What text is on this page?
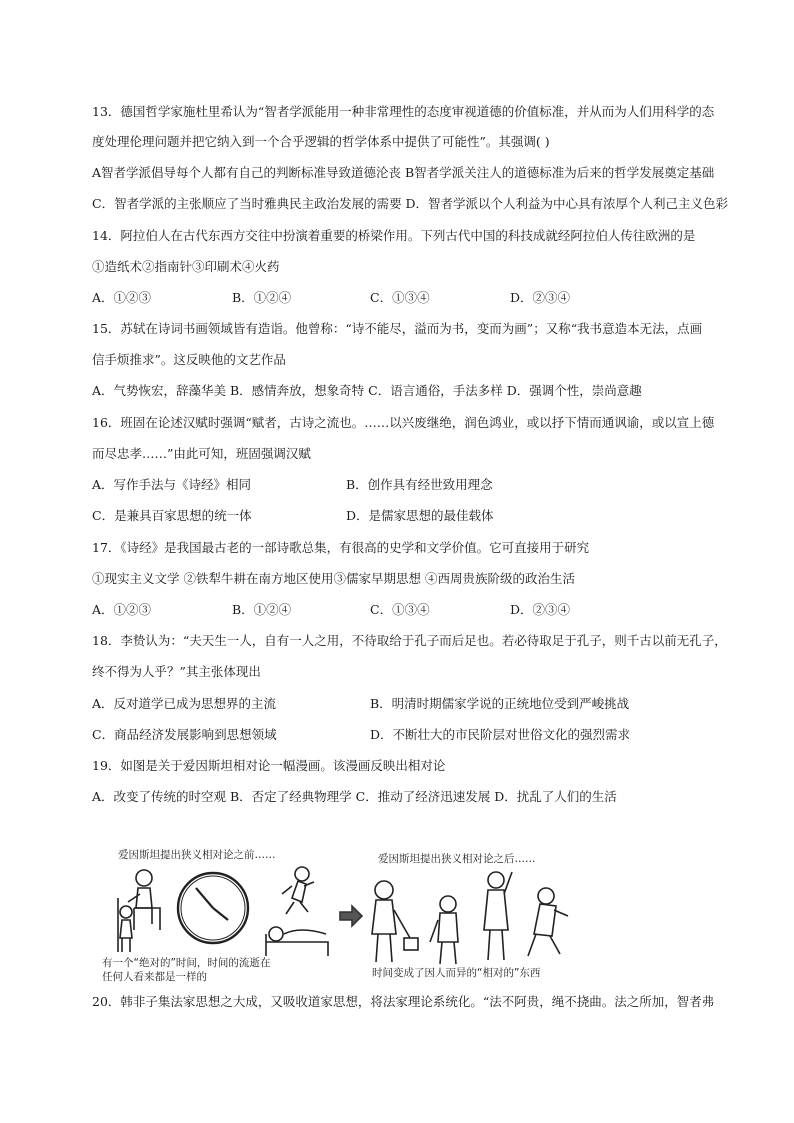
13．德国哲学家施杜里希认为“智者学派能用一种非常理性的态度审视道德的价值标准，并从而为人们用科学的态
度处理伦理问题并把它纳入到一个合乎逻辑的哲学体系中提供了可能性”。其强调( )
A智者学派倡导每个人都有自己的判断标准导致道德沦丧 B智者学派关注人的道德标准为后来的哲学发展奠定基础
C．智者学派的主张顺应了当时雅典民主政治发展的需要 D．智者学派以个人利益为中心具有浓厚个人利己主义色彩
14．阿拉伯人在古代东西方交往中扮演着重要的桥梁作用。下列古代中国的科技成就经阿拉伯人传往欧洲的是
①造纸术②指南针③印刷术④火药
A．①②③	B．①②④	C．①③④	D．②③④
15．苏轼在诗词书画领域皆有造诣。他曾称：“诗不能尽，溢而为书，变而为画”；又称“我书意造本无法，点画
信手烦推求”。这反映他的文艺作品
A．气势恢宏，辞藻华美 B．感情奔放，想象奇特 C．语言通俗，手法多样 D．强调个性，崇尚意趣
16．班固在论述汉赋时强调“赋者，古诗之流也。……以兴废继绝，润色鸿业，或以抒下情而通讽谕，或以宣上德
而尽忠孝……”由此可知，班固强调汉赋
A．写作手法与《诗经》相同	B．创作具有经世致用理念
C．是兼具百家思想的统一体	D．是儒家思想的最佳载体
17．《诗经》是我国最古老的一部诗歌总集，有很高的史学和文学价值。它可直接用于研究
①现实主义文学 ②铁犁牛耕在南方地区使用③儒家早期思想 ④西周贵族阶级的政治生活
A．①②③	B．①②④	C．①③④	D．②③④
18．李贽认为：“夫天生一人，自有一人之用，不待取给于孔子而后足也。若必待取足于孔子，则千古以前无孔子，
终不得为人乎？”其主张体现出
A．反对道学已成为思想界的主流	B．明清时期儒家学说的正统地位受到严峻挑战
C．商品经济发展影响到思想领域	D．不断壮大的市民阶层对世俗文化的强烈需求
19．如图是关于爱因斯坦相对论一幅漫画。该漫画反映出相对论
A．改变了传统的时空观 B．否定了经典物理学 C．推动了经济迅速发展 D．扰乱了人们的生活
爱因斯坦提出狭义相对论之前……
有一个“绝对的”时间，时间的流逝在
任何人看来都是一样的
爱因斯坦提出狭义相对论之后……
时间变成了因人而异的“相对的”东西
20．韩非子集法家思想之大成，又吸收道家思想，将法家理论系统化。“法不阿贵，绳不挠曲。法之所加，智者弗
